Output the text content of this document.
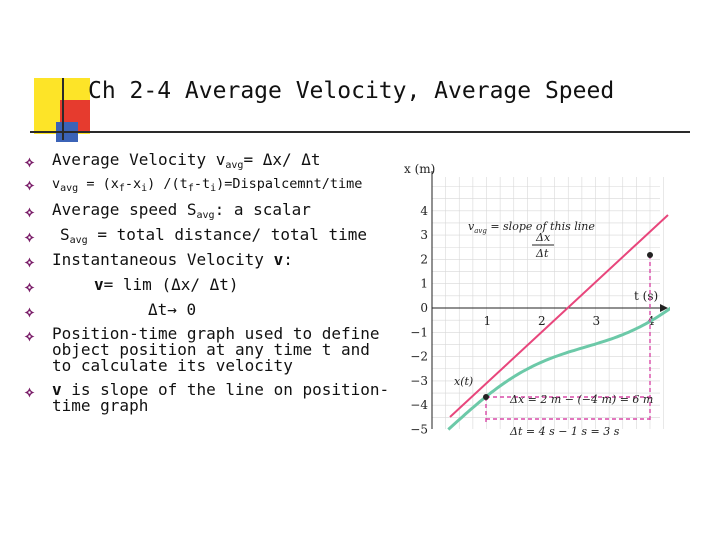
Ch 2-4 Average Velocity, Average Speed
Average Velocity $v_{avg}= \Delta x/$ Δt
$v_{avg} = (x_f-x_i)$ $/(t_f-t_i)=Dispalcemnt$/time
Average speed $S_{avg}$: a scalar
$S_{avg}$ = total distance/ total time
Instantaneous Velocity v:
v= lim (Δx/ Δt)
Δt→ 0
Position-time graph used to define object position at any time t and to calculate its velocity
v is slope of the line on position-time graph
x (m)
t (s)
4
3
2
1
0
−1
−2
−3
−4
−5
1	2	3	4
$v_{avg}$ = slope of this line
Δx
Δt
x(t)
Δx = 2 m − (−4 m) = 6 m
Δt = 4 s − 1 s = 3 s
